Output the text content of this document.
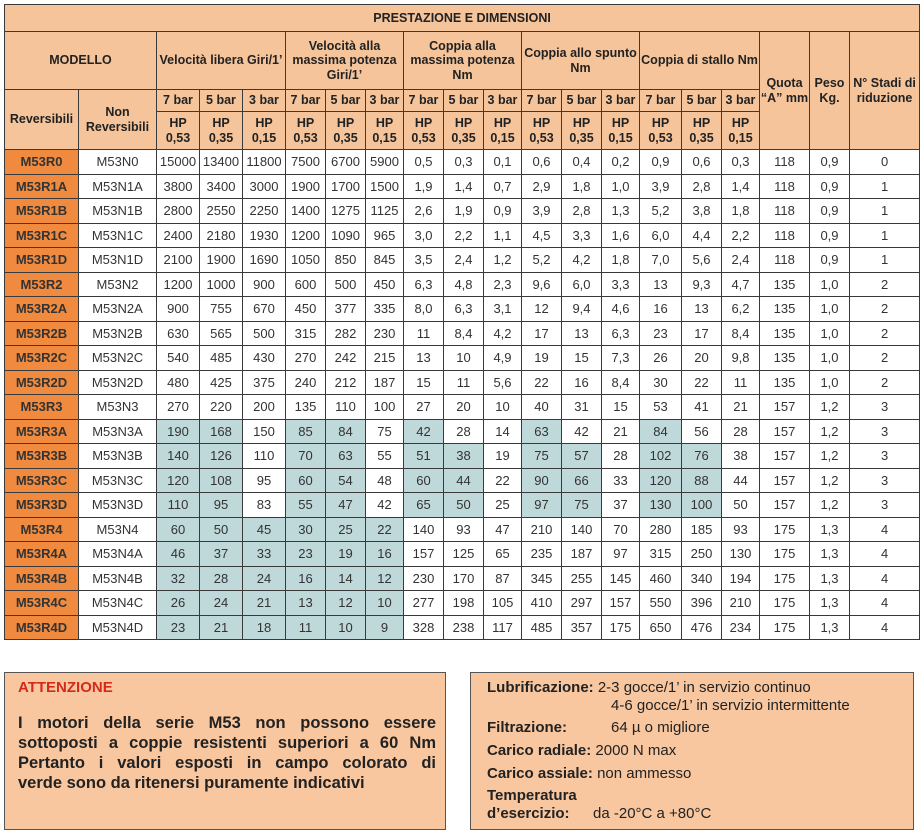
PRESTAZIONE E DIMENSIONI																			
MODELLO		Velocità libera Giri/1’			Velocità alla massima potenza Giri/1’			Coppia alla massima potenza Nm			Coppia allo spunto Nm			Coppia di stallo Nm			Quota “A” mm	Peso Kg.	N° Stadi di riduzione
Reversibili	Non Reversibili	7 bar	5 bar	3 bar	7 bar	5 bar	3 bar	7 bar	5 bar	3 bar	7 bar	5 bar	3 bar	7 bar	5 bar	3 bar			
		HP 0,53	HP 0,35	HP 0,15	HP 0,53	HP 0,35	HP 0,15	HP 0,53	HP 0,35	HP 0,15	HP 0,53	HP 0,35	HP 0,15	HP 0,53	HP 0,35	HP 0,15			
M53R0	M53N0	15000	13400	11800	7500	6700	5900	0,5	0,3	0,1	0,6	0,4	0,2	0,9	0,6	0,3	118	0,9	0
M53R1A	M53N1A	3800	3400	3000	1900	1700	1500	1,9	1,4	0,7	2,9	1,8	1,0	3,9	2,8	1,4	118	0,9	1
M53R1B	M53N1B	2800	2550	2250	1400	1275	1125	2,6	1,9	0,9	3,9	2,8	1,3	5,2	3,8	1,8	118	0,9	1
M53R1C	M53N1C	2400	2180	1930	1200	1090	965	3,0	2,2	1,1	4,5	3,3	1,6	6,0	4,4	2,2	118	0,9	1
M53R1D	M53N1D	2100	1900	1690	1050	850	845	3,5	2,4	1,2	5,2	4,2	1,8	7,0	5,6	2,4	118	0,9	1
M53R2	M53N2	1200	1000	900	600	500	450	6,3	4,8	2,3	9,6	6,0	3,3	13	9,3	4,7	135	1,0	2
M53R2A	M53N2A	900	755	670	450	377	335	8,0	6,3	3,1	12	9,4	4,6	16	13	6,2	135	1,0	2
M53R2B	M53N2B	630	565	500	315	282	230	11	8,4	4,2	17	13	6,3	23	17	8,4	135	1,0	2
M53R2C	M53N2C	540	485	430	270	242	215	13	10	4,9	19	15	7,3	26	20	9,8	135	1,0	2
M53R2D	M53N2D	480	425	375	240	212	187	15	11	5,6	22	16	8,4	30	22	11	135	1,0	2
M53R3	M53N3	270	220	200	135	110	100	27	20	10	40	31	15	53	41	21	157	1,2	3
M53R3A	M53N3A	190	168	150	85	84	75	42	28	14	63	42	21	84	56	28	157	1,2	3
M53R3B	M53N3B	140	126	110	70	63	55	51	38	19	75	57	28	102	76	38	157	1,2	3
M53R3C	M53N3C	120	108	95	60	54	48	60	44	22	90	66	33	120	88	44	157	1,2	3
M53R3D	M53N3D	110	95	83	55	47	42	65	50	25	97	75	37	130	100	50	157	1,2	3
M53R4	M53N4	60	50	45	30	25	22	140	93	47	210	140	70	280	185	93	175	1,3	4
M53R4A	M53N4A	46	37	33	23	19	16	157	125	65	235	187	97	315	250	130	175	1,3	4
M53R4B	M53N4B	32	28	24	16	14	12	230	170	87	345	255	145	460	340	194	175	1,3	4
M53R4C	M53N4C	26	24	21	13	12	10	277	198	105	410	297	157	550	396	210	175	1,3	4
M53R4D	M53N4D	23	21	18	11	10	9	328	238	117	485	357	175	650	476	234	175	1,3	4
ATTENZIONE
I motori della serie M53 non possono essere
sottoposti a coppie resistenti superiori a 60 Nm
Pertanto i valori esposti in campo colorato di
verde sono da ritenersi puramente indicativi
Lubrificazione: 2-3 gocce/1’ in servizio continuo
4-6 gocce/1’ in servizio intermittente
Filtrazione:	64 µ o migliore
Carico radiale: 2000 N max
Carico assiale: non ammesso
Temperatura
d’esercizio: da -20°C a +80°C
